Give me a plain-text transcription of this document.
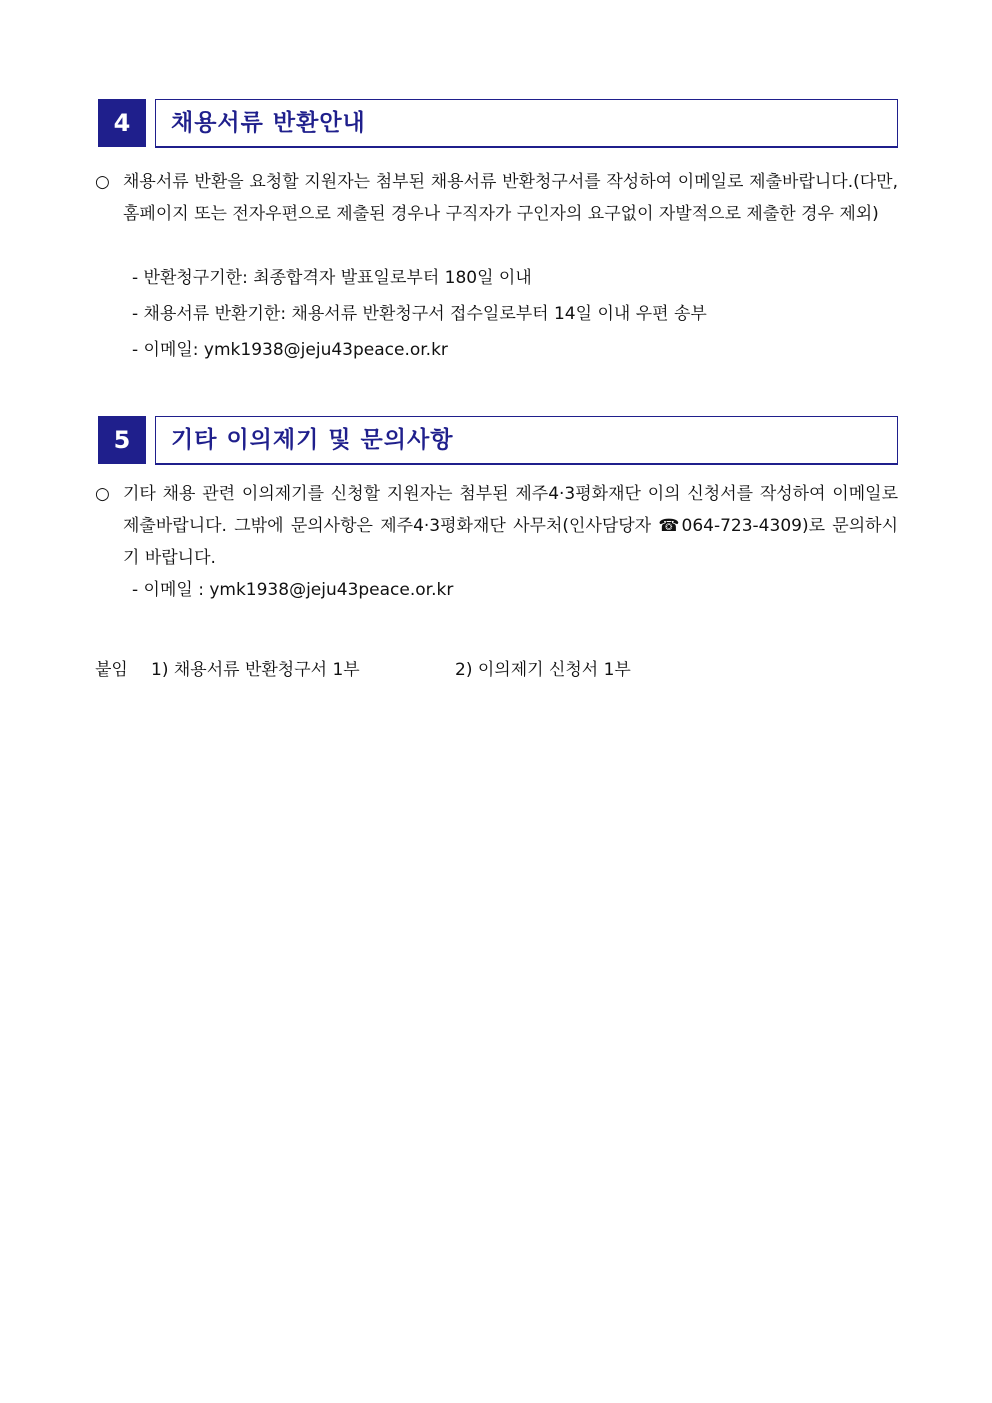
4	채용서류 반환안내
○ 채용서류 반환을 요청할 지원자는 첨부된 채용서류 반환청구서를 작성하여 이메일로 제출바랍니다.(다만, 홈페이지 또는 전자우편으로 제출된 경우나 구직자가 구인자의 요구없이 자발적으로 제출한 경우 제외)
- 반환청구기한: 최종합격자 발표일로부터 180일 이내
- 채용서류 반환기한: 채용서류 반환청구서 접수일로부터 14일 이내 우편 송부
- 이메일: ymk1938@jeju43peace.or.kr
5	기타 이의제기 및 문의사항
○ 기타 채용 관련 이의제기를 신청할 지원자는 첨부된 제주4·3평화재단 이의 신청서를 작성하여 이메일로 제출바랍니다. 그밖에 문의사항은 제주4·3평화재단 사무처(인사담당자 ☎064-723-4309)로 문의하시기 바랍니다.
- 이메일 : ymk1938@jeju43peace.or.kr
붙임 1) 채용서류 반환청구서 1부	2) 이의제기 신청서 1부
